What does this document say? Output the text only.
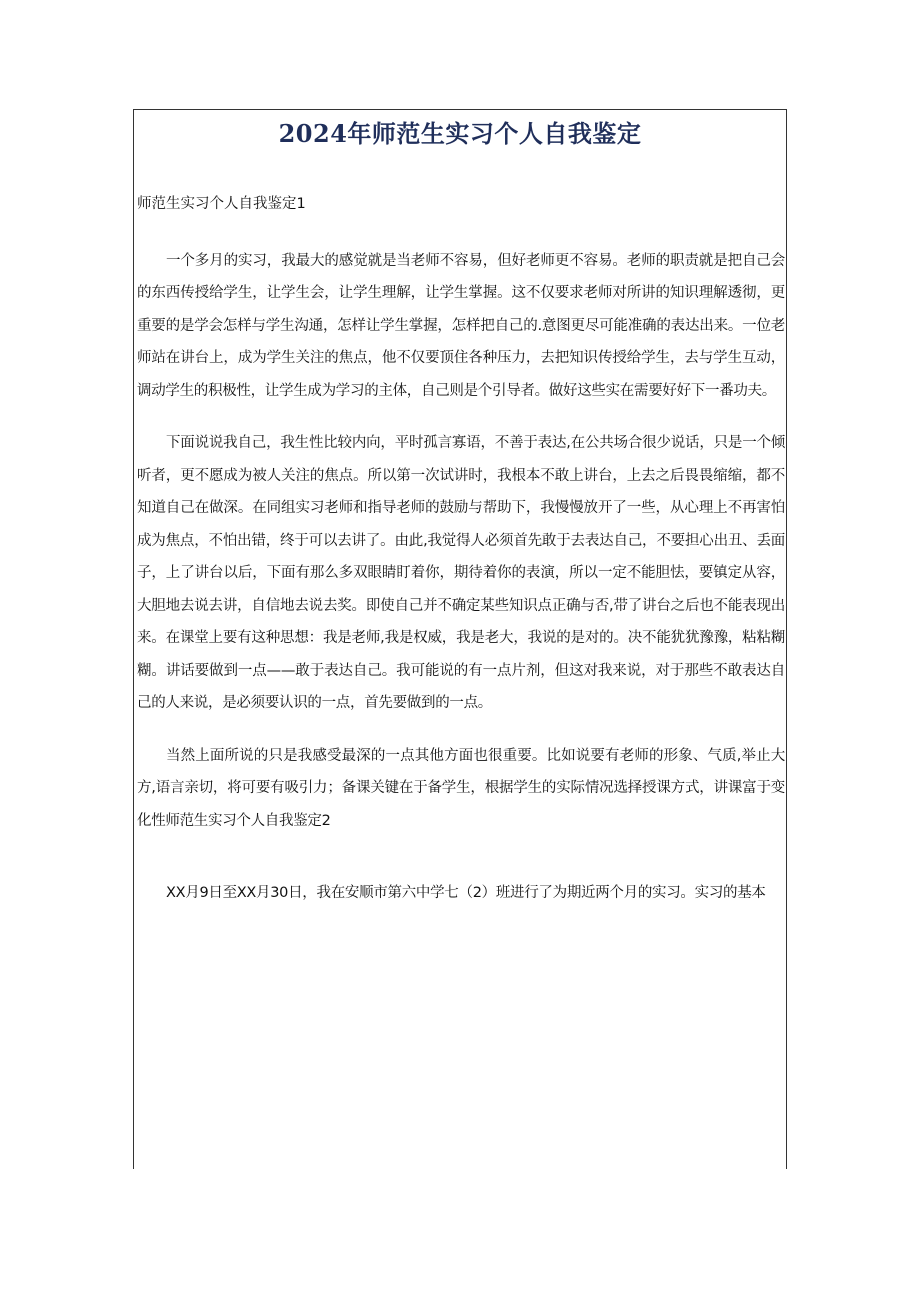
2024年师范生实习个人自我鉴定

师范生实习个人自我鉴定1

一个多月的实习，我最大的感觉就是当老师不容易，但好老师更不容易。老师的职责就是把自己会的东西传授给学生，让学生会，让学生理解，让学生掌握。这不仅要求老师对所讲的知识理解透彻，更重要的是学会怎样与学生沟通，怎样让学生掌握，怎样把自己的.意图更尽可能准确的表达出来。一位老师站在讲台上，成为学生关注的焦点，他不仅要顶住各种压力，去把知识传授给学生，去与学生互动，调动学生的积极性，让学生成为学习的主体，自己则是个引导者。做好这些实在需要好好下一番功夫。

下面说说我自己，我生性比较内向，平时孤言寡语，不善于表达,在公共场合很少说话，只是一个倾听者，更不愿成为被人关注的焦点。所以第一次试讲时，我根本不敢上讲台，上去之后畏畏缩缩，都不知道自己在做深。在同组实习老师和指导老师的鼓励与帮助下，我慢慢放开了一些，从心理上不再害怕成为焦点，不怕出错，终于可以去讲了。由此,我觉得人必须首先敢于去表达自己，不要担心出丑、丢面子，上了讲台以后，下面有那么多双眼睛盯着你，期待着你的表演，所以一定不能胆怯，要镇定从容，大胆地去说去讲，自信地去说去奖。即使自己并不确定某些知识点正确与否,带了讲台之后也不能表现出来。在课堂上要有这种思想：我是老师,我是权威，我是老大，我说的是对的。决不能犹犹豫豫，粘粘糊糊。讲话要做到一点——敢于表达自己。我可能说的有一点片剂，但这对我来说，对于那些不敢表达自己的人来说，是必须要认识的一点，首先要做到的一点。

当然上面所说的只是我感受最深的一点其他方面也很重要。比如说要有老师的形象、气质,举止大方,语言亲切，将可要有吸引力；备课关键在于备学生，根据学生的实际情况选择授课方式，讲课富于变化性师范生实习个人自我鉴定2

XX月9日至XX月30日，我在安顺市第六中学七（2）班进行了为期近两个月的实习。实习的基本
